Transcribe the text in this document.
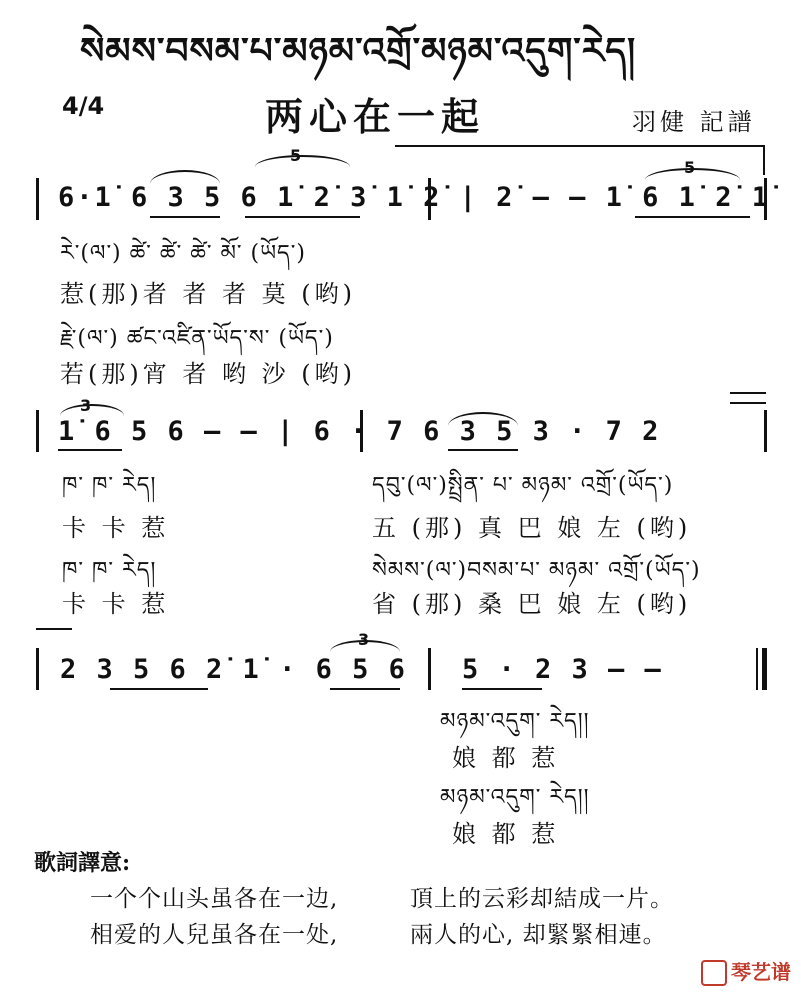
སེམས་བསམ་པ་མཉམ་འགྲོ་མཉམ་འདུག་རེད།
4/4	两心在一起	羽健 記譜
5
5
6·1̇ 6 3 5 6 1̇ 2̇ 3̇ 1̇ 2̇ | 2̇ — — 1̇ 6 1̇ 2̇ 1̇
རེ་(ལ་) ཚེ་ ཚེ་ ཚེ་ མོ་ (ཡོད་)
惹(那)者 者 者 莫 (哟)
རྗེ་(ལ་) ཚང་འཛིན་ཡོད་ས་ (ཡོད་)
若(那)宵 者 哟 沙 (哟)
3
1̇ 6 5 6 — — | 6 · 7 6 3 5 3 · 7 2
ཁ་ ཁ་ རེད།	དབུ་(ལ་)སྤྲིན་ པ་ མཉམ་ འགྲོ་(ཡོད་)
卡 卡 惹	五 (那) 真 巴 娘 左 (哟)
ཁ་ ཁ་ རེད།	སེམས་(ལ་)བསམ་པ་ མཉམ་ འགྲོ་(ཡོད་)
卡 卡 惹	省 (那) 桑 巴 娘 左 (哟)
3
2 3 5 6 2̇ 1̇ · 6 5 6 5 · 2 3 — —
མཉམ་འདུག་ རེད།།
娘 都 惹
མཉམ་འདུག་ རེད།།
娘 都 惹
歌詞譯意:
一个个山头虽各在一边,	頂上的云彩却結成一片。
相爱的人兒虽各在一处,	兩人的心, 却緊緊相連。
琴艺谱
